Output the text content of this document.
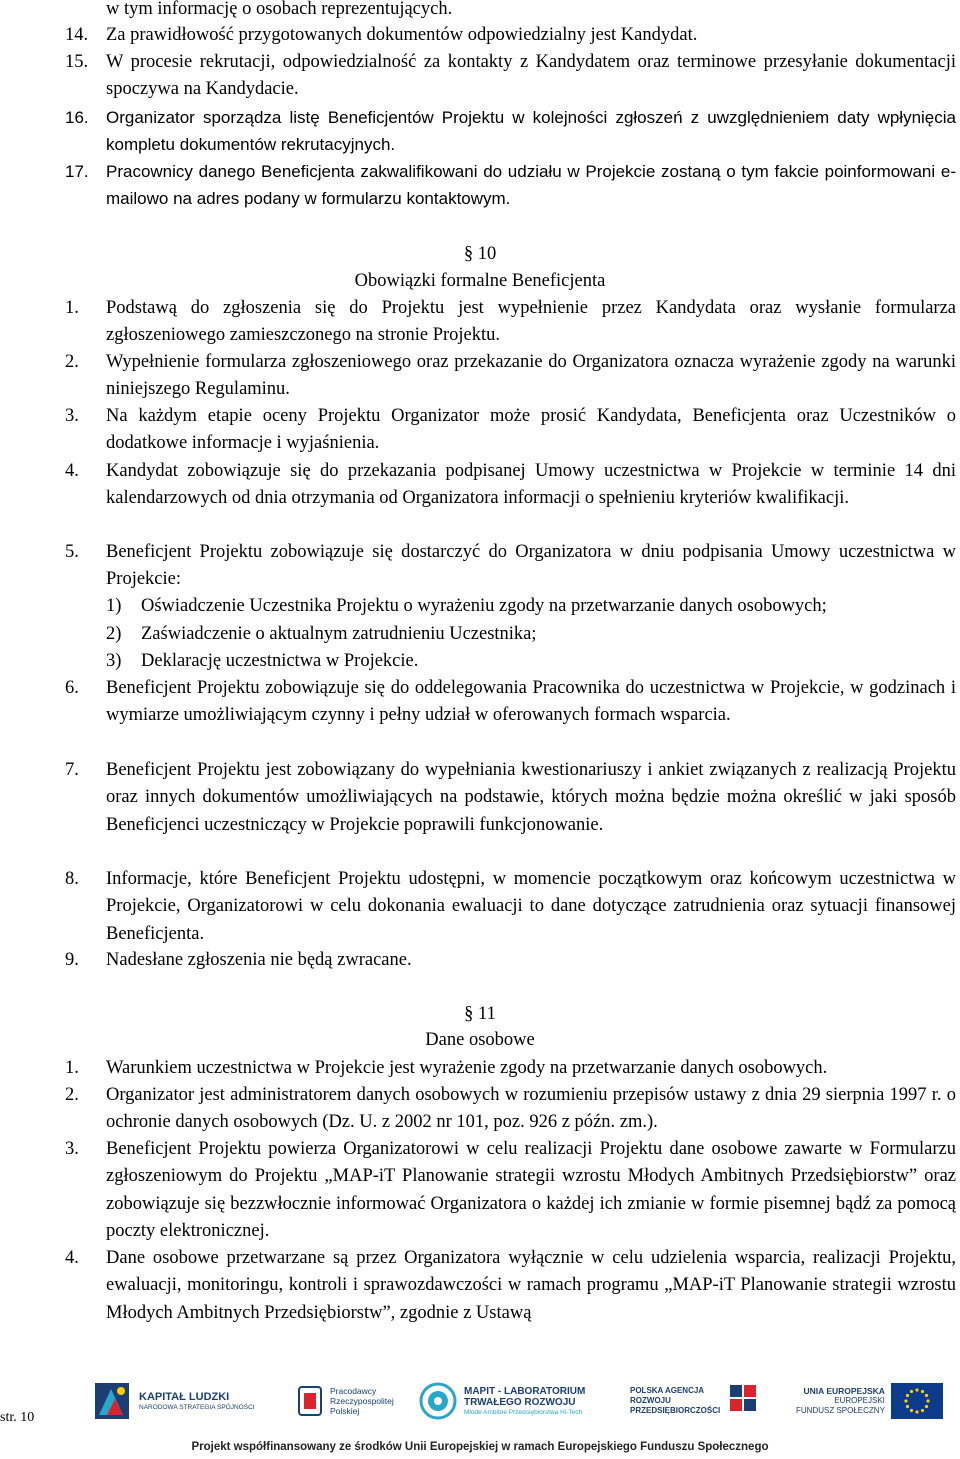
w tym informację o osobach reprezentujących.
14. Za prawidłowość przygotowanych dokumentów odpowiedzialny jest Kandydat.
15. W procesie rekrutacji, odpowiedzialność za kontakty z Kandydatem oraz terminowe przesyłanie dokumentacji spoczywa na Kandydacie.
16. Organizator sporządza listę Beneficjentów Projektu w kolejności zgłoszeń z uwzględnieniem daty wpłynięcia kompletu dokumentów rekrutacyjnych.
17. Pracownicy danego Beneficjenta zakwalifikowani do udziału w Projekcie zostaną o tym fakcie poinformowani e-mailowo na adres podany w formularzu kontaktowym.
§ 10
Obowiązki formalne Beneficjenta
1. Podstawą do zgłoszenia się do Projektu jest wypełnienie przez Kandydata oraz wysłanie formularza zgłoszeniowego zamieszczonego na stronie Projektu.
2. Wypełnienie formularza zgłoszeniowego oraz przekazanie do Organizatora oznacza wyrażenie zgody na warunki niniejszego Regulaminu.
3. Na każdym etapie oceny Projektu Organizator może prosić Kandydata, Beneficjenta oraz Uczestników o dodatkowe informacje i wyjaśnienia.
4. Kandydat zobowiązuje się do przekazania podpisanej Umowy uczestnictwa w Projekcie w terminie 14 dni kalendarzowych od dnia otrzymania od Organizatora informacji o spełnieniu kryteriów kwalifikacji.
5. Beneficjent Projektu zobowiązuje się dostarczyć do Organizatora w dniu podpisania Umowy uczestnictwa w Projekcie:
1) Oświadczenie Uczestnika Projektu o wyrażeniu zgody na przetwarzanie danych osobowych;
2) Zaświadczenie o aktualnym zatrudnieniu Uczestnika;
3) Deklarację uczestnictwa w Projekcie.
6. Beneficjent Projektu zobowiązuje się do oddelegowania Pracownika do uczestnictwa w Projekcie, w godzinach i wymiarze umożliwiającym czynny i pełny udział w oferowanych formach wsparcia.
7. Beneficjent Projektu jest zobowiązany do wypełniania kwestionariuszy i ankiet związanych z realizacją Projektu oraz innych dokumentów umożliwiających na podstawie, których można będzie można określić w jaki sposób Beneficjenci uczestniczący w Projekcie poprawili funkcjonowanie.
8. Informacje, które Beneficjent Projektu udostępni, w momencie początkowym oraz końcowym uczestnictwa w Projekcie, Organizatorowi w celu dokonania ewaluacji to dane dotyczące zatrudnienia oraz sytuacji finansowej Beneficjenta.
9. Nadesłane zgłoszenia nie będą zwracane.
§ 11
Dane osobowe
1. Warunkiem uczestnictwa w Projekcie jest wyrażenie zgody na przetwarzanie danych osobowych.
2. Organizator jest administratorem danych osobowych w rozumieniu przepisów ustawy z dnia 29 sierpnia 1997 r. o ochronie danych osobowych (Dz. U. z 2002 nr 101, poz. 926 z późn. zm.).
3. Beneficjent Projektu powierza Organizatorowi w celu realizacji Projektu dane osobowe zawarte w Formularzu zgłoszeniowym do Projektu „MAP-iT Planowanie strategii wzrostu Młodych Ambitnych Przedsiębiorstw” oraz zobowiązuje się bezzwłocznie informować Organizatora o każdej ich zmianie w formie pisemnej bądź za pomocą poczty elektronicznej.
4. Dane osobowe przetwarzane są przez Organizatora wyłącznie w celu udzielenia wsparcia, realizacji Projektu, ewaluacji, monitoringu, kontroli i sprawozdawczości w ramach programu „MAP-iT Planowanie strategii wzrostu Młodych Ambitnych Przedsiębiorstw”, zgodnie z Ustawą
str. 10
KAPITAŁ LUDZKI
NARODOWA STRATEGIA SPÓJNOŚCI
Pracodawcy
Rzeczypospolitej
Polskiej
MAPIT - LABORATORIUM
TRWAŁEGO ROZWOJU
Młode Ambitne Przedsiębiorstwa Hi-Tech
POLSKA AGENCJA
ROZWOJU
PRZEDSIĘBIORCZOŚCI
UNIA EUROPEJSKA
EUROPEJSKI
FUNDUSZ SPOŁECZNY
Projekt współfinansowany ze środków Unii Europejskiej w ramach Europejskiego Funduszu Społecznego
